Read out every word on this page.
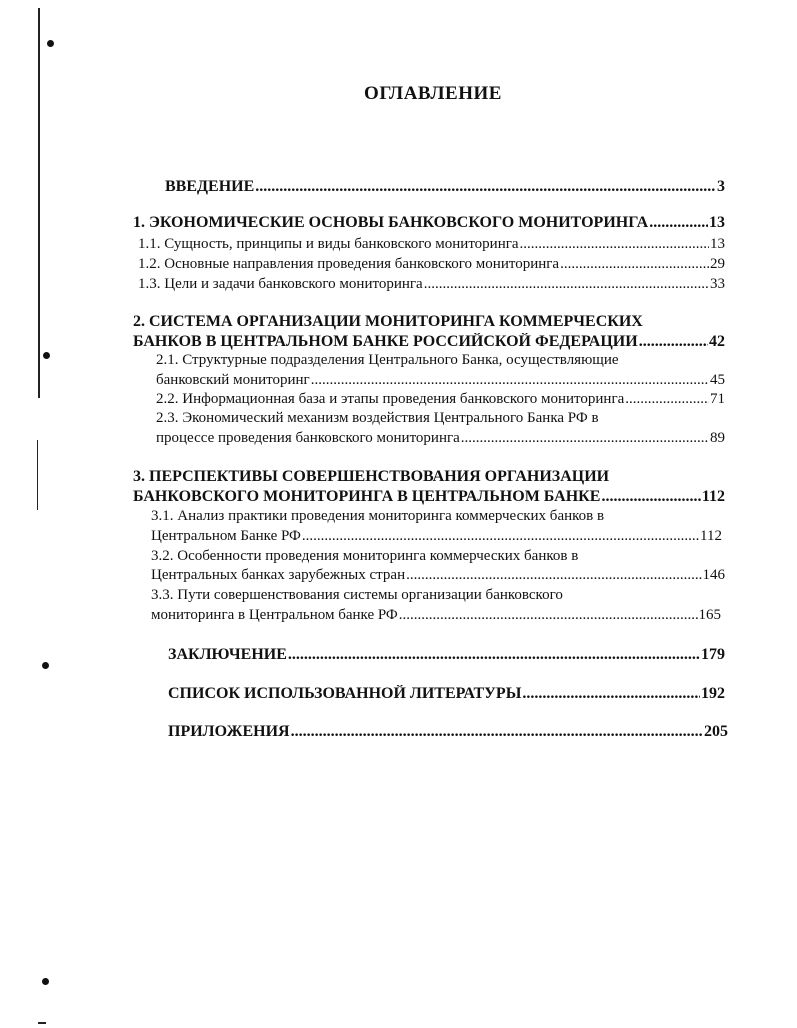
ОГЛАВЛЕНИЕ
ВВЕДЕНИЕ .....	3
1. ЭКОНОМИЧЕСКИЕ ОСНОВЫ БАНКОВСКОГО МОНИТОРИНГА .....	13
1.1. Сущность, принципы и виды банковского мониторинга .....	13
1.2. Основные направления проведения банковского мониторинга .....	29
1.3. Цели и задачи банковского мониторинга .....	33
2. СИСТЕМА ОРГАНИЗАЦИИ МОНИТОРИНГА КОММЕРЧЕСКИХ
БАНКОВ В ЦЕНТРАЛЬНОМ БАНКЕ РОССИЙСКОЙ ФЕДЕРАЦИИ .....	42
2.1. Структурные подразделения Центрального Банка, осуществляющие
банковский мониторинг .....	45
2.2. Информационная база и этапы проведения банковского мониторинга .....	71
2.3. Экономический механизм воздействия Центрального Банка РФ в
процессе проведения банковского мониторинга .....	89
3. ПЕРСПЕКТИВЫ СОВЕРШЕНСТВОВАНИЯ ОРГАНИЗАЦИИ
БАНКОВСКОГО МОНИТОРИНГА В ЦЕНТРАЛЬНОМ БАНКЕ .....	112
3.1. Анализ практики проведения мониторинга коммерческих банков в
Центральном Банке РФ .....	112
3.2. Особенности проведения мониторинга коммерческих банков в
Центральных банках зарубежных стран .....	146
3.3. Пути совершенствования системы организации банковского
мониторинга в Центральном банке РФ .....	165
ЗАКЛЮЧЕНИЕ .....	179
СПИСОК ИСПОЛЬЗОВАННОЙ ЛИТЕРАТУРЫ .....	192
ПРИЛОЖЕНИЯ .....	205
